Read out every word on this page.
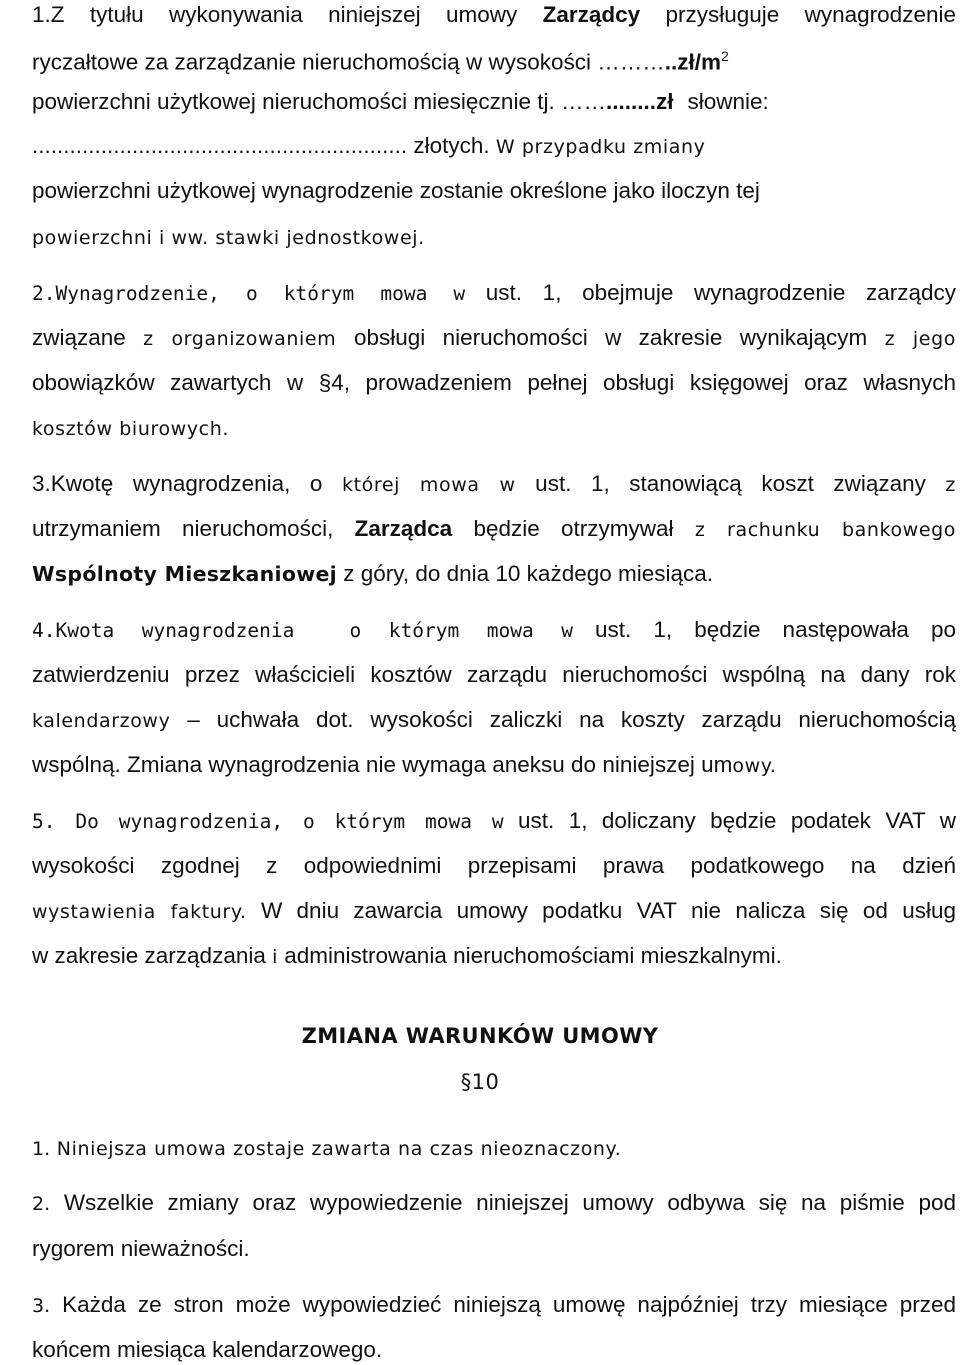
1.Z tytułu wykonywania niniejszej umowy Zarządcy przysługuje wynagrodzenie
ryczałtowe za zarządzanie nieruchomością w wysokości $\dots\dots\dots..zł/m^2$
powierzchni użytkowej nieruchomości miesięcznie tj. ……........zł słownie:
............................................................ złotych. W przypadku zmiany
powierzchni użytkowej wynagrodzenie zostanie określone jako iloczyn tej
powierzchni i ww. stawki jednostkowej.
2.Wynagrodzenie, o którym mowa w ust. 1, obejmuje wynagrodzenie zarządcy
związane z organizowaniem obsługi nieruchomości w zakresie wynikającym z jego
obowiązków zawartych w §4, prowadzeniem pełnej obsługi księgowej oraz własnych
kosztów biurowych.
3.Kwotę wynagrodzenia, o której mowa w ust. 1, stanowiącą koszt związany z
utrzymaniem nieruchomości, Zarządca będzie otrzymywał z rachunku bankowego
Wspólnoty Mieszkaniowej z góry, do dnia 10 każdego miesiąca.
4.Kwota wynagrodzenia  o którym mowa w ust. 1, będzie następowała po
zatwierdzeniu przez właścicieli kosztów zarządu nieruchomości wspólną na dany rok
kalendarzowy – uchwała dot. wysokości zaliczki na koszty zarządu nieruchomością
wspólną. Zmiana wynagrodzenia nie wymaga aneksu do niniejszej umowy.
5. Do wynagrodzenia, o którym mowa w ust. 1, doliczany będzie podatek VAT w
wysokości zgodnej z odpowiednimi przepisami prawa podatkowego na dzień
wystawienia faktury. W dniu zawarcia umowy podatku VAT nie nalicza się od usług
w zakresie zarządzania i administrowania nieruchomościami mieszkalnymi.
ZMIANA WARUNKÓW UMOWY
§10
1. Niniejsza umowa zostaje zawarta na czas nieoznaczony.
2. Wszelkie zmiany oraz wypowiedzenie niniejszej umowy odbywa się na piśmie pod
rygorem nieważności.
3. Każda ze stron może wypowiedzieć niniejszą umowę najpóźniej trzy miesiące przed
końcem miesiąca kalendarzowego.
